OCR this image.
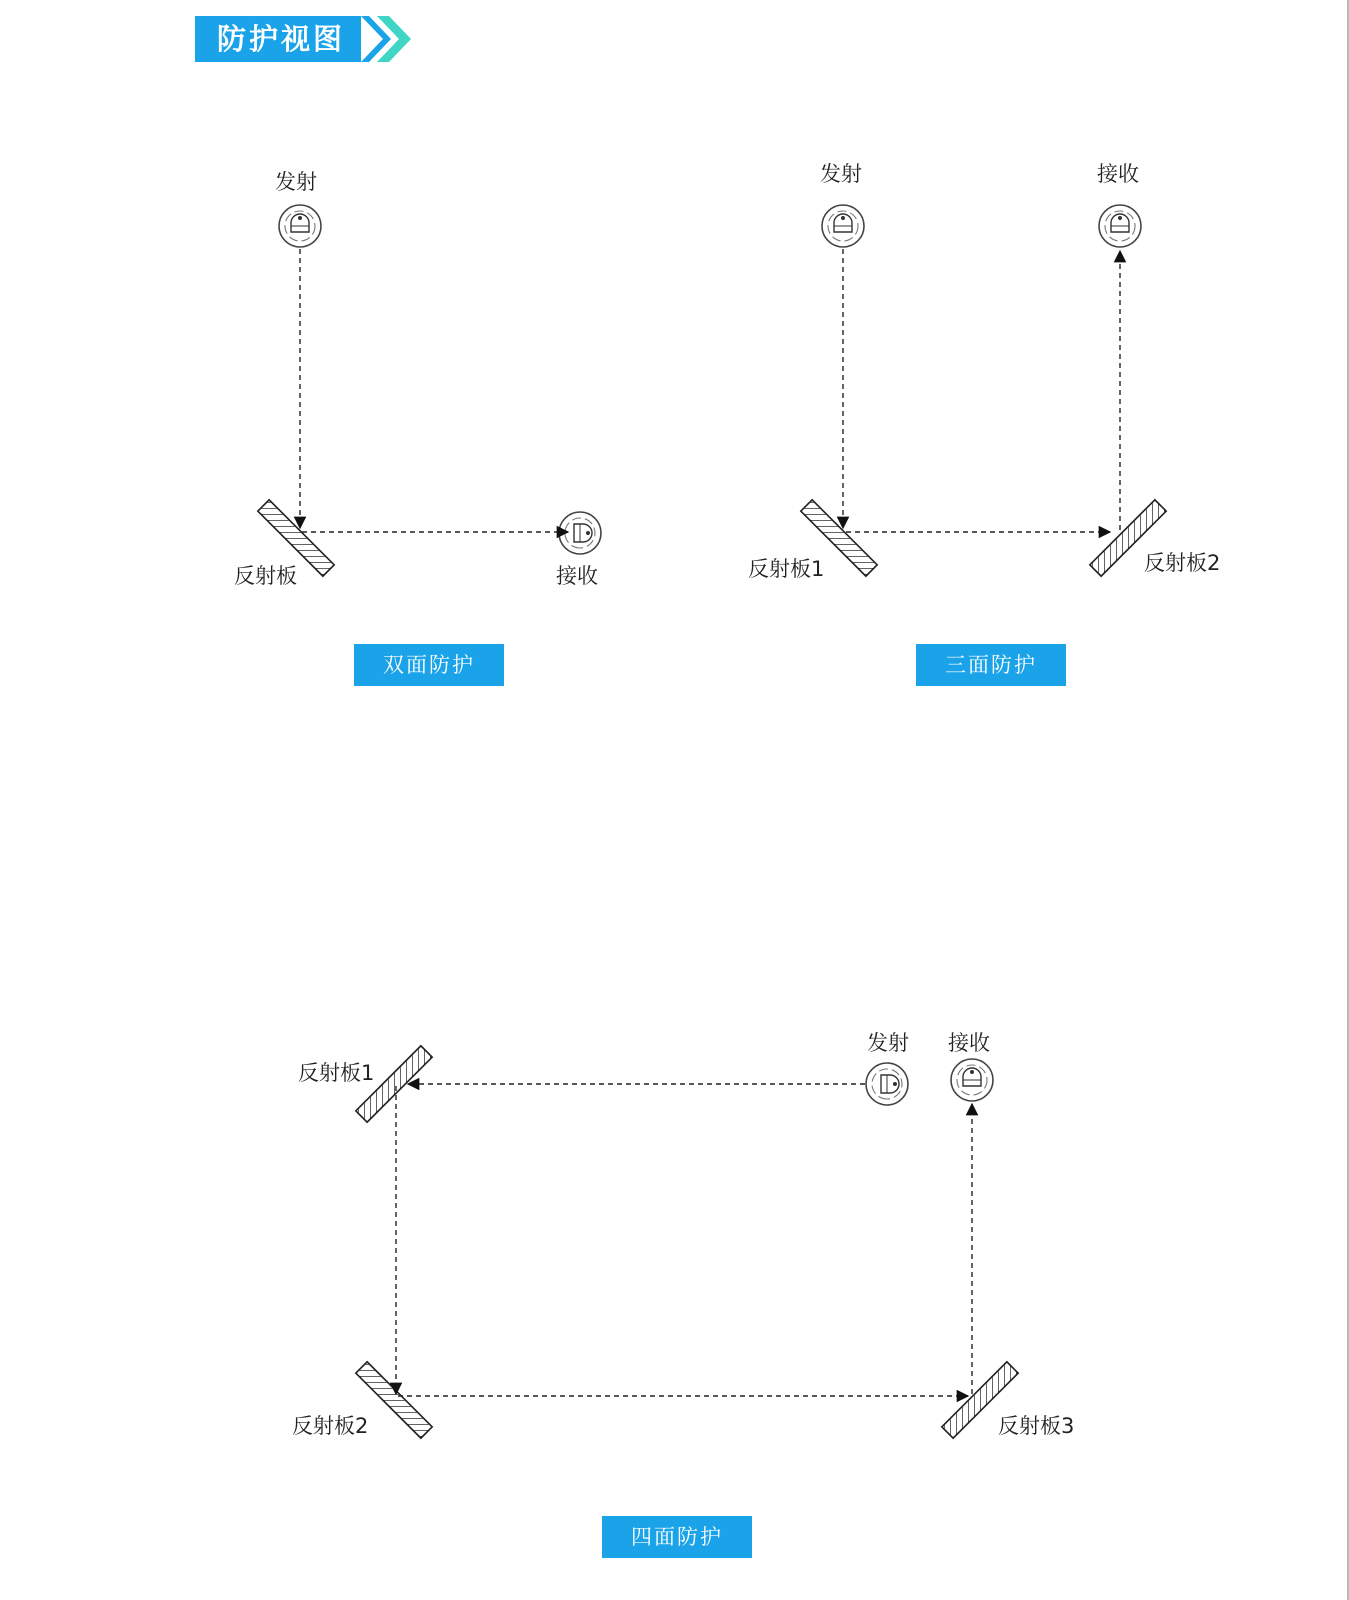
防护视图
发射
反射板	接收
发射	接收
反射板1	反射板2
发射 接收
反射板1
反射板2	反射板3
双面防护	三面防护
四面防护
